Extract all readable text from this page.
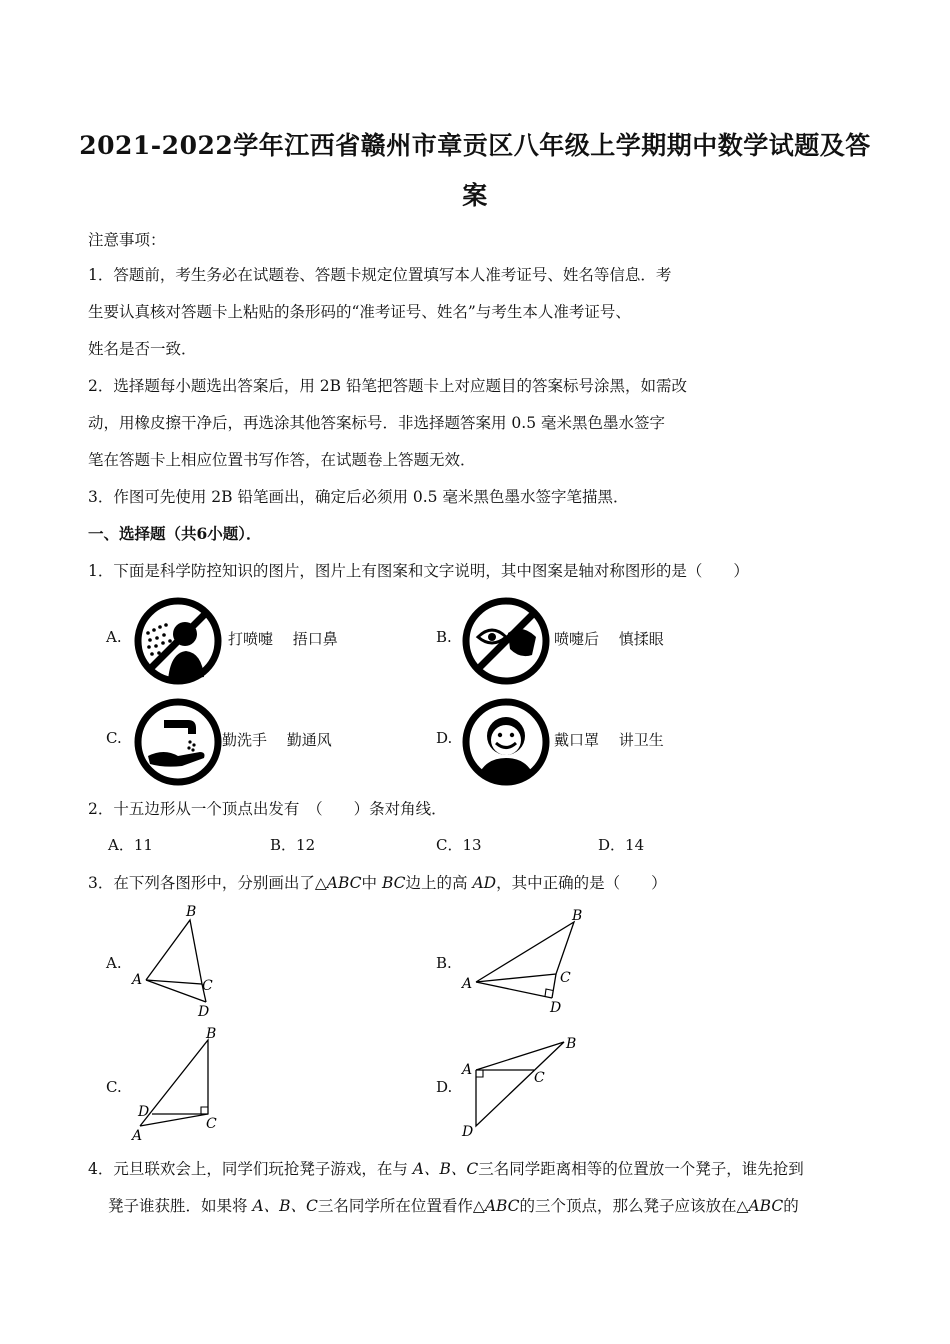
2021-2022学年江西省赣州市章贡区八年级上学期期中数学试题及答
案
注意事项：
1．答题前，考生务必在试题卷、答题卡规定位置填写本人准考证号、姓名等信息．考
生要认真核对答题卡上粘贴的条形码的“准考证号、姓名”与考生本人准考证号、
姓名是否一致．
2．选择题每小题选出答案后，用 2B 铅笔把答题卡上对应题目的答案标号涂黑，如需改
动，用橡皮擦干净后，再选涂其他答案标号．非选择题答案用 0.5 毫米黑色墨水签字
笔在答题卡上相应位置书写作答，在试题卷上答题无效．
3．作图可先使用 2B 铅笔画出，确定后必须用 0.5 毫米黑色墨水签字笔描黑．
一、选择题（共6小题）．
1．下面是科学防控知识的图片，图片上有图案和文字说明，其中图案是轴对称图形的是（　　）
A.	打喷嚏　 捂口鼻	B.	喷嚏后　 慎揉眼
C.	勤洗手　 勤通风	D.	戴口罩　 讲卫生
2．十五边形从一个顶点出发有　（　　）条对角线．
A．11	B．12	C．13	D．14
3．在下列各图形中，分别画出了△ABC中 BC边上的高 AD，其中正确的是（　　）
A.
B
A	C
D
B.
B
A	C
D
C.
B
D
C
A
D.
B
A	C
D
4．元旦联欢会上，同学们玩抢凳子游戏，在与 A、B、C三名同学距离相等的位置放一个凳子，谁先抢到
凳子谁获胜．如果将 A、B、C三名同学所在位置看作△ABC的三个顶点，那么凳子应该放在△ABC的
